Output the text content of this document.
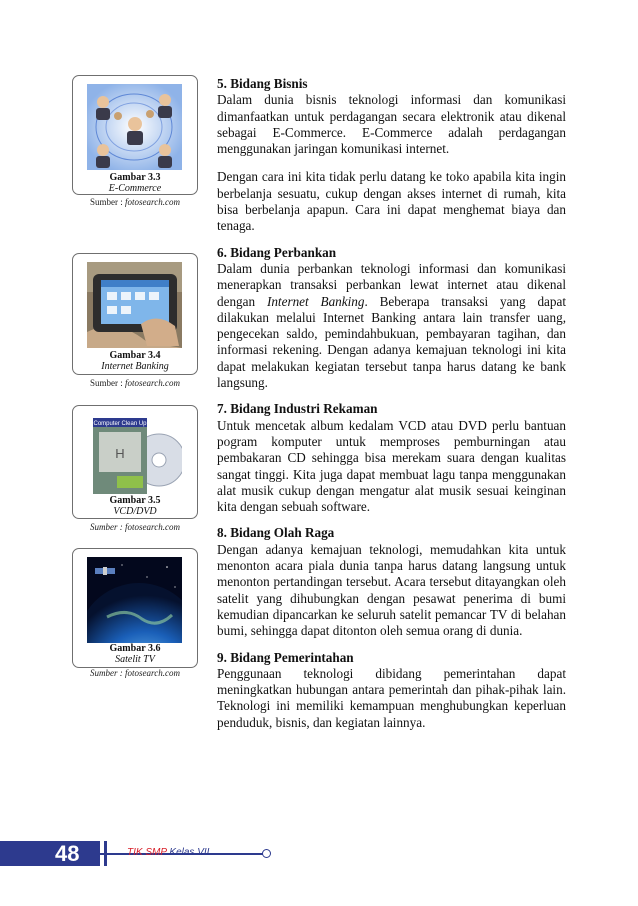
Gambar 3.3
E-Commerce
Sumber : fotosearch.com
Gambar 3.4
Internet Banking
Sumber : fotosearch.com
Computer Clean Up
H
Gambar 3.5
VCD/DVD
Sumber : fotosearch.com
Gambar 3.6
Satelit TV
Sumber : fotosearch.com
5. Bidang Bisnis

Dalam dunia bisnis teknologi informasi dan komunikasi dimanfaatkan untuk perdagangan secara elektronik atau dikenal sebagai E-Commerce. E-Commerce adalah perdagangan menggunakan jaringan komunikasi internet.

Dengan cara ini kita tidak perlu datang ke toko apabila kita ingin berbelanja sesuatu, cukup dengan akses internet di rumah, kita bisa berbelanja apapun. Cara ini dapat menghemat biaya dan tenaga.

6. Bidang Perbankan

Dalam dunia perbankan teknologi informasi dan komunikasi menerapkan transaksi perbankan lewat internet atau dikenal dengan Internet Banking. Beberapa transaksi yang dapat dilakukan melalui Internet Banking antara lain transfer uang, pengecekan saldo, pemindahbukuan, pembayaran tagihan, dan informasi rekening. Dengan adanya kemajuan teknologi ini kita dapat melakukan kegiatan tersebut tanpa harus datang ke bank langsung.

7. Bidang Industri Rekaman

Untuk mencetak album kedalam VCD atau DVD perlu bantuan pogram komputer untuk memproses pemburningan atau pembakaran CD sehingga bisa merekam suara dengan kualitas sangat tinggi. Kita juga dapat membuat lagu tanpa menggunakan alat musik cukup dengan mengatur alat musik sesuai keinginan kita dengan sebuah software.

8. Bidang Olah Raga

Dengan adanya kemajuan teknologi, memudahkan kita untuk menonton acara piala dunia tanpa harus datang langsung untuk menonton pertandingan tersebut. Acara tersebut ditayangkan oleh satelit yang dihubungkan dengan pesawat penerima di bumi kemudian dipancarkan ke seluruh satelit pemancar TV di belahan bumi, sehingga dapat ditonton oleh semua orang di dunia.

9. Bidang Pemerintahan

Penggunaan teknologi dibidang pemerintahan dapat meningkatkan hubungan antara pemerintah dan pihak-pihak lain. Teknologi ini memiliki kemampuan menghubungkan keperluan penduduk, bisnis, dan kegiatan lainnya.

48	TIK SMP Kelas VII
